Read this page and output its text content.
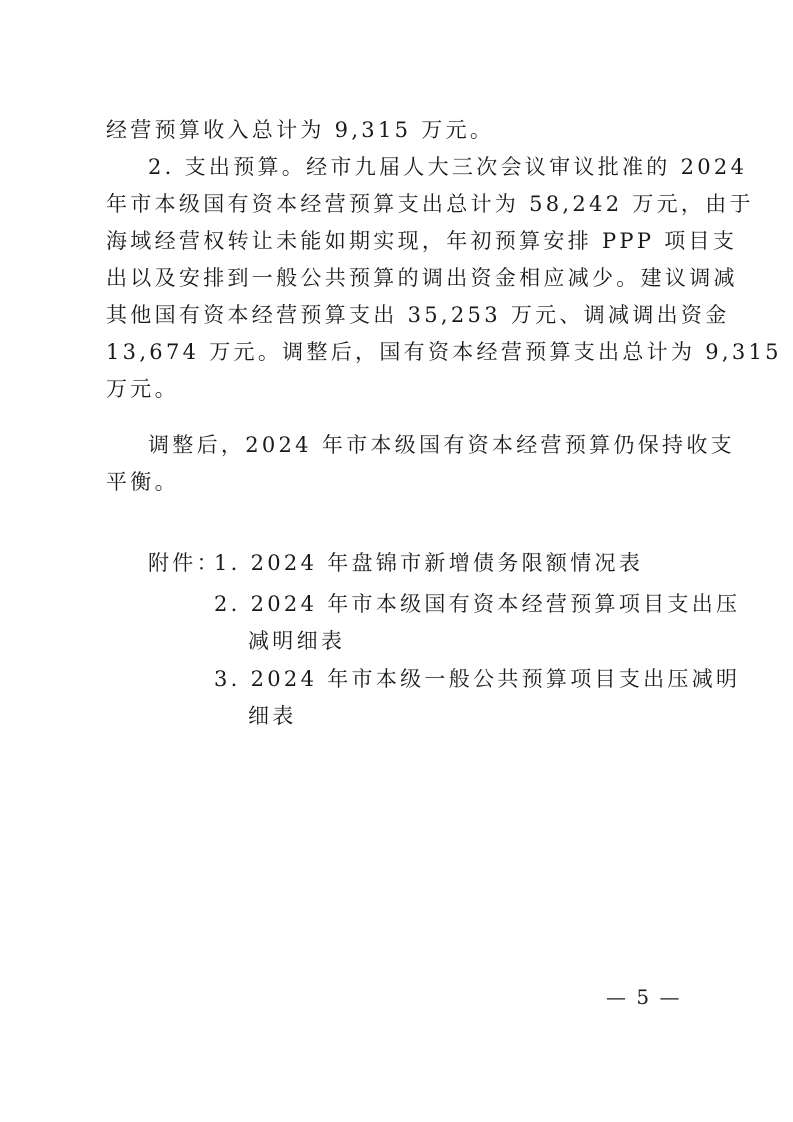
经营预算收入总计为 9,315 万元。
2. 支出预算。经市九届人大三次会议审议批准的 2024
年市本级国有资本经营预算支出总计为 58,242 万元，由于
海域经营权转让未能如期实现，年初预算安排 PPP 项目支
出以及安排到一般公共预算的调出资金相应减少。建议调减
其他国有资本经营预算支出 35,253 万元、调减调出资金
13,674 万元。调整后，国有资本经营预算支出总计为 9,315
万元。
调整后，2024 年市本级国有资本经营预算仍保持收支
平衡。
附件：
1. 2024 年盘锦市新增债务限额情况表
2. 2024 年市本级国有资本经营预算项目支出压
减明细表
3. 2024 年市本级一般公共预算项目支出压减明
细表
— 5 —
